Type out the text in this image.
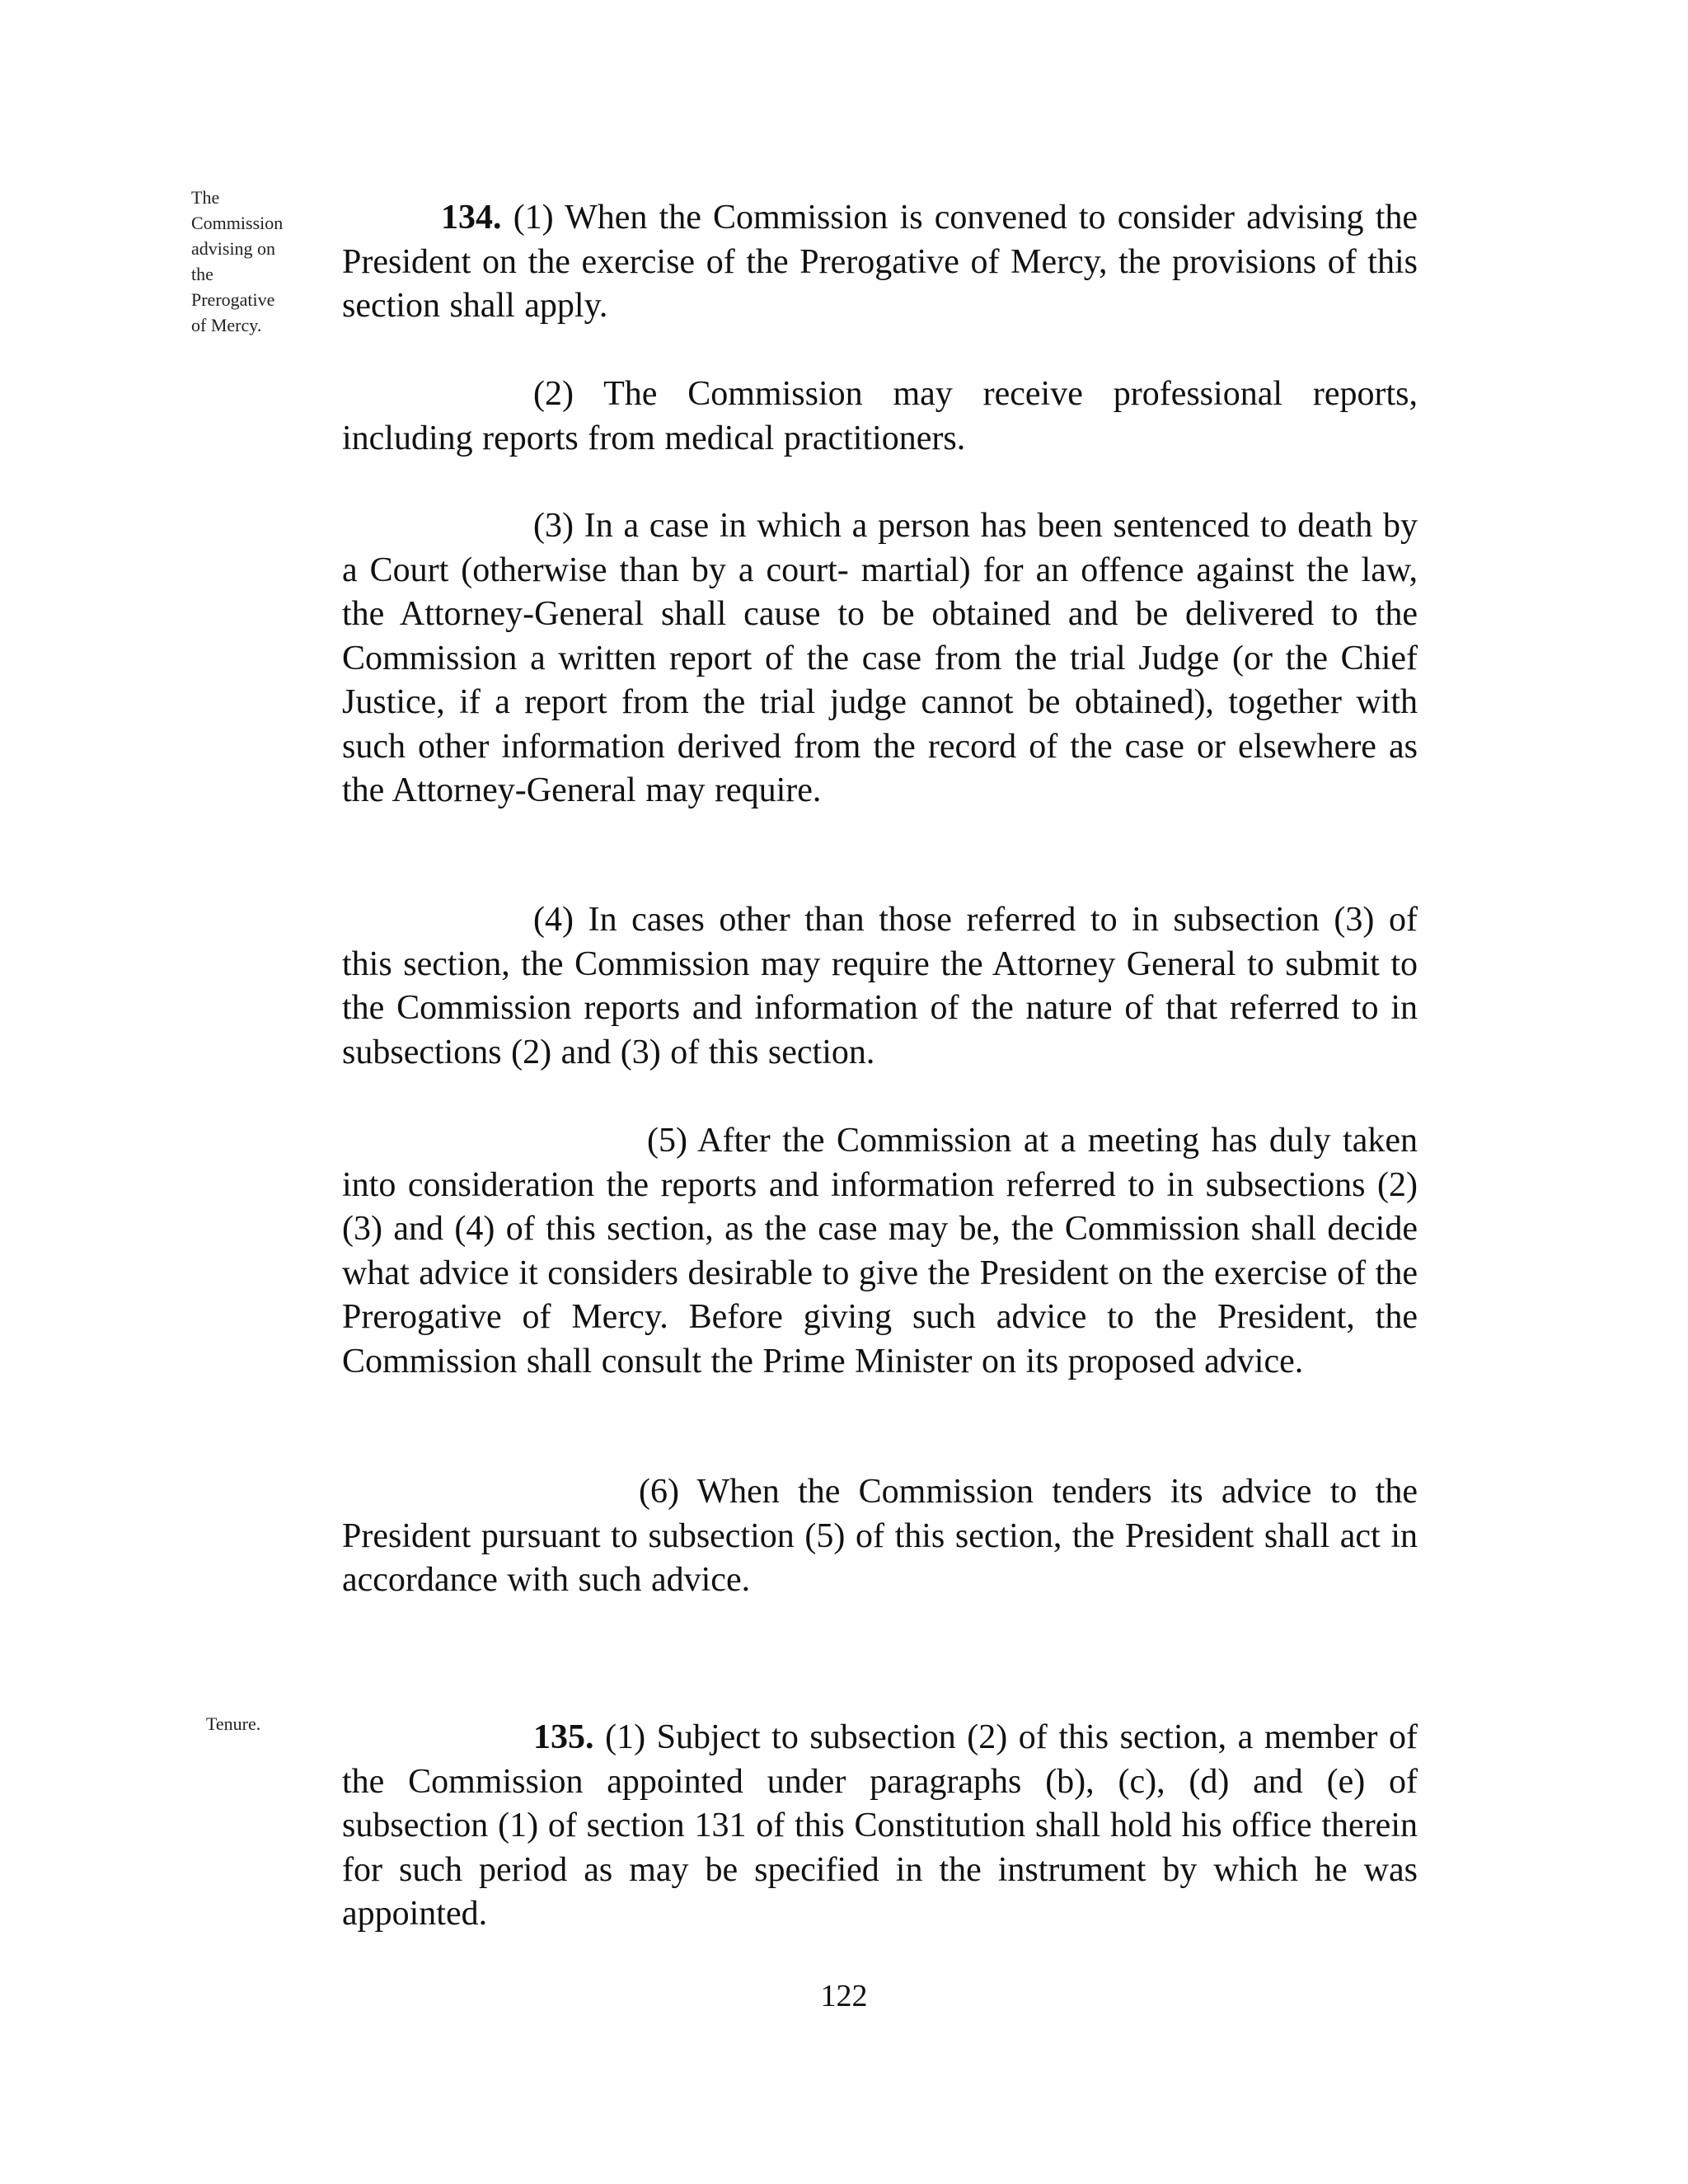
The
Commission
advising on
the
Prerogative
of Mercy.
Tenure.
134. (1) When the Commission is convened to consider advising the President on the exercise of the Prerogative of Mercy, the provisions of this section shall apply.
(2) The Commission may receive professional reports, including reports from medical practitioners.
(3) In a case in which a person has been sentenced to death by a Court (otherwise than by a court- martial) for an offence against the law, the Attorney-General shall cause to be obtained and be delivered to the Commission a written report of the case from the trial Judge (or the Chief Justice, if a report from the trial judge cannot be obtained), together with such other information derived from the record of the case or elsewhere as the Attorney-General may require.
(4) In cases other than those referred to in subsection (3) of this section, the Commission may require the Attorney General to submit to the Commission reports and information of the nature of that referred to in subsections (2) and (3) of this section.
(5) After the Commission at a meeting has duly taken into consideration the reports and information referred to in subsections (2) (3) and (4) of this section, as the case may be, the Commission shall decide what advice it considers desirable to give the President on the exercise of the Prerogative of Mercy. Before giving such advice to the President, the Commission shall consult the Prime Minister on its proposed advice.
(6) When the Commission tenders its advice to the President pursuant to subsection (5) of this section, the President shall act in accordance with such advice.
135. (1) Subject to subsection (2) of this section, a member of the Commission appointed under paragraphs (b), (c), (d) and (e) of subsection (1) of section 131 of this Constitution shall hold his office therein for such period as may be specified in the instrument by which he was appointed.
122
